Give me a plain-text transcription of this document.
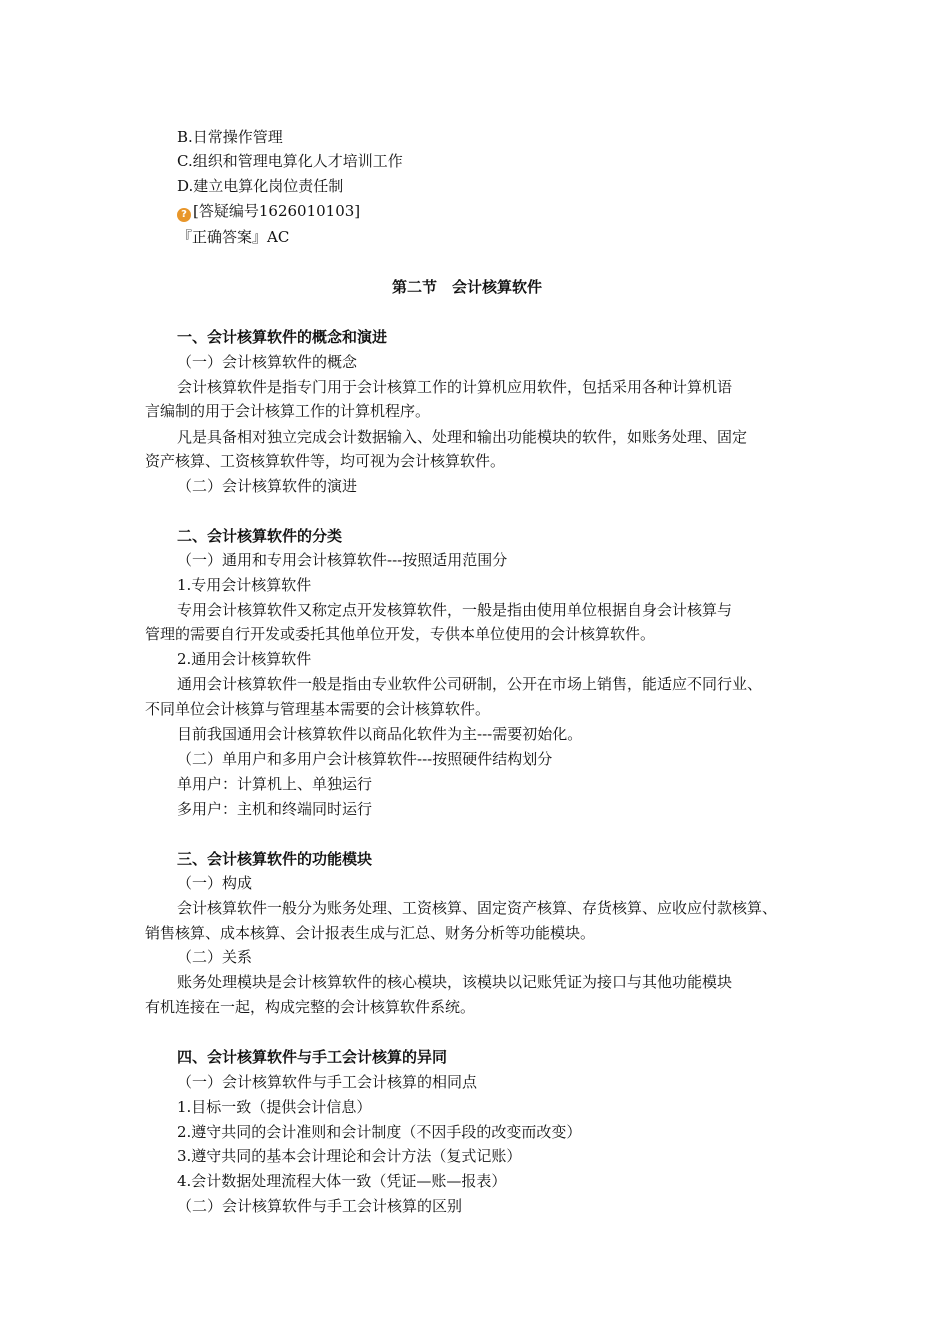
B.日常操作管理
C.组织和管理电算化人才培训工作
D.建立电算化岗位责任制
? [答疑编号1626010103]
『正确答案』AC
第二节　会计核算软件
一、会计核算软件的概念和演进
（一）会计核算软件的概念
会计核算软件是指专门用于会计核算工作的计算机应用软件，包括采用各种计算机语
言编制的用于会计核算工作的计算机程序。
凡是具备相对独立完成会计数据输入、处理和输出功能模块的软件，如账务处理、固定
资产核算、工资核算软件等，均可视为会计核算软件。
（二）会计核算软件的演进
二、会计核算软件的分类
（一）通用和专用会计核算软件---按照适用范围分
1.专用会计核算软件
专用会计核算软件又称定点开发核算软件，一般是指由使用单位根据自身会计核算与
管理的需要自行开发或委托其他单位开发，专供本单位使用的会计核算软件。
2.通用会计核算软件
通用会计核算软件一般是指由专业软件公司研制，公开在市场上销售，能适应不同行业、
不同单位会计核算与管理基本需要的会计核算软件。
目前我国通用会计核算软件以商品化软件为主---需要初始化。
（二）单用户和多用户会计核算软件---按照硬件结构划分
单用户：计算机上、单独运行
多用户：主机和终端同时运行
三、会计核算软件的功能模块
（一）构成
会计核算软件一般分为账务处理、工资核算、固定资产核算、存货核算、应收应付款核算、
销售核算、成本核算、会计报表生成与汇总、财务分析等功能模块。
（二）关系
账务处理模块是会计核算软件的核心模块，该模块以记账凭证为接口与其他功能模块
有机连接在一起，构成完整的会计核算软件系统。
四、会计核算软件与手工会计核算的异同
（一）会计核算软件与手工会计核算的相同点
1.目标一致（提供会计信息）
2.遵守共同的会计准则和会计制度（不因手段的改变而改变）
3.遵守共同的基本会计理论和会计方法（复式记账）
4.会计数据处理流程大体一致（凭证—账—报表）
（二）会计核算软件与手工会计核算的区别
